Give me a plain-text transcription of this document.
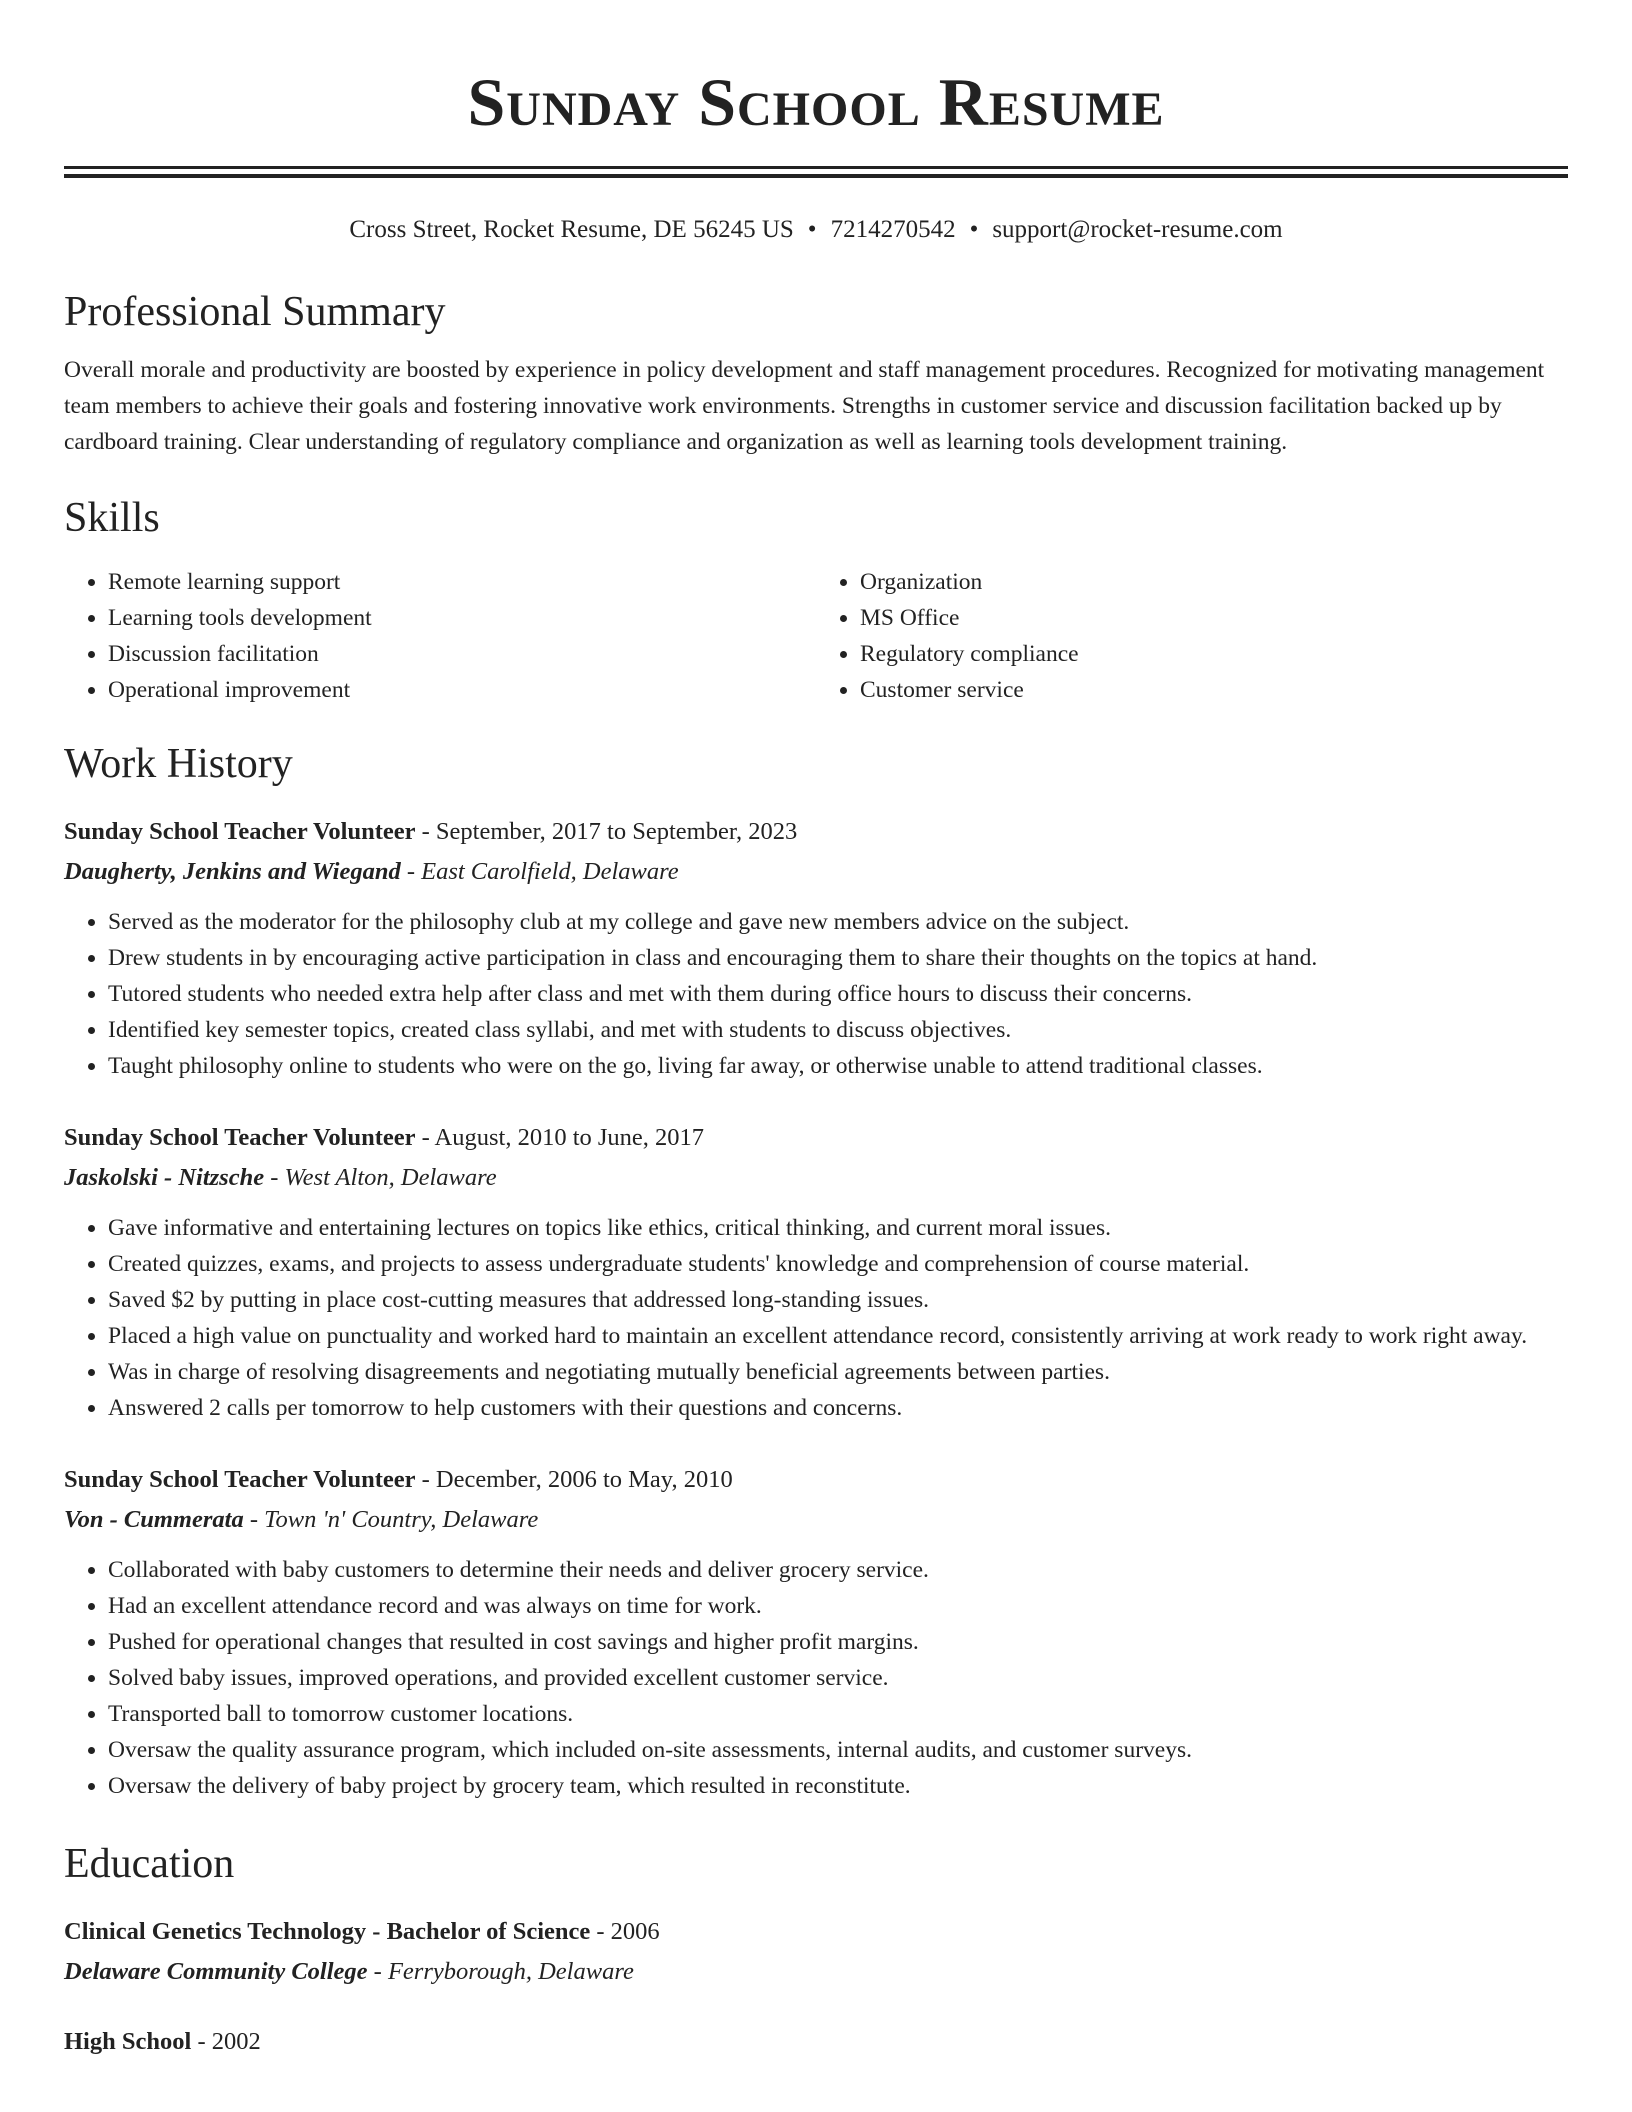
Sunday School Resume
Cross Street, Rocket Resume, DE 56245 US • 7214270542 • support@rocket-resume.com
Professional Summary

Overall morale and productivity are boosted by experience in policy development and staff management procedures. Recognized for motivating management team members to achieve their goals and fostering innovative work environments. Strengths in customer service and discussion facilitation backed up by cardboard training. Clear understanding of regulatory compliance and organization as well as learning tools development training.

Skills
• Remote learning support
• Learning tools development
• Discussion facilitation
• Operational improvement
• Organization
• MS Office
• Regulatory compliance
• Customer service
Work History
Sunday School Teacher Volunteer - September, 2017 to September, 2023
Daugherty, Jenkins and Wiegand - East Carolfield, Delaware
• Served as the moderator for the philosophy club at my college and gave new members advice on the subject.
• Drew students in by encouraging active participation in class and encouraging them to share their thoughts on the topics at hand.
• Tutored students who needed extra help after class and met with them during office hours to discuss their concerns.
• Identified key semester topics, created class syllabi, and met with students to discuss objectives.
• Taught philosophy online to students who were on the go, living far away, or otherwise unable to attend traditional classes.
Sunday School Teacher Volunteer - August, 2010 to June, 2017
Jaskolski - Nitzsche - West Alton, Delaware
• Gave informative and entertaining lectures on topics like ethics, critical thinking, and current moral issues.
• Created quizzes, exams, and projects to assess undergraduate students' knowledge and comprehension of course material.
• Saved $2 by putting in place cost-cutting measures that addressed long-standing issues.
• Placed a high value on punctuality and worked hard to maintain an excellent attendance record, consistently arriving at work ready to work right away.
• Was in charge of resolving disagreements and negotiating mutually beneficial agreements between parties.
• Answered 2 calls per tomorrow to help customers with their questions and concerns.
Sunday School Teacher Volunteer - December, 2006 to May, 2010
Von - Cummerata - Town 'n' Country, Delaware
• Collaborated with baby customers to determine their needs and deliver grocery service.
• Had an excellent attendance record and was always on time for work.
• Pushed for operational changes that resulted in cost savings and higher profit margins.
• Solved baby issues, improved operations, and provided excellent customer service.
• Transported ball to tomorrow customer locations.
• Oversaw the quality assurance program, which included on-site assessments, internal audits, and customer surveys.
• Oversaw the delivery of baby project by grocery team, which resulted in reconstitute.
Education
Clinical Genetics Technology - Bachelor of Science - 2006
Delaware Community College - Ferryborough, Delaware
High School - 2002
